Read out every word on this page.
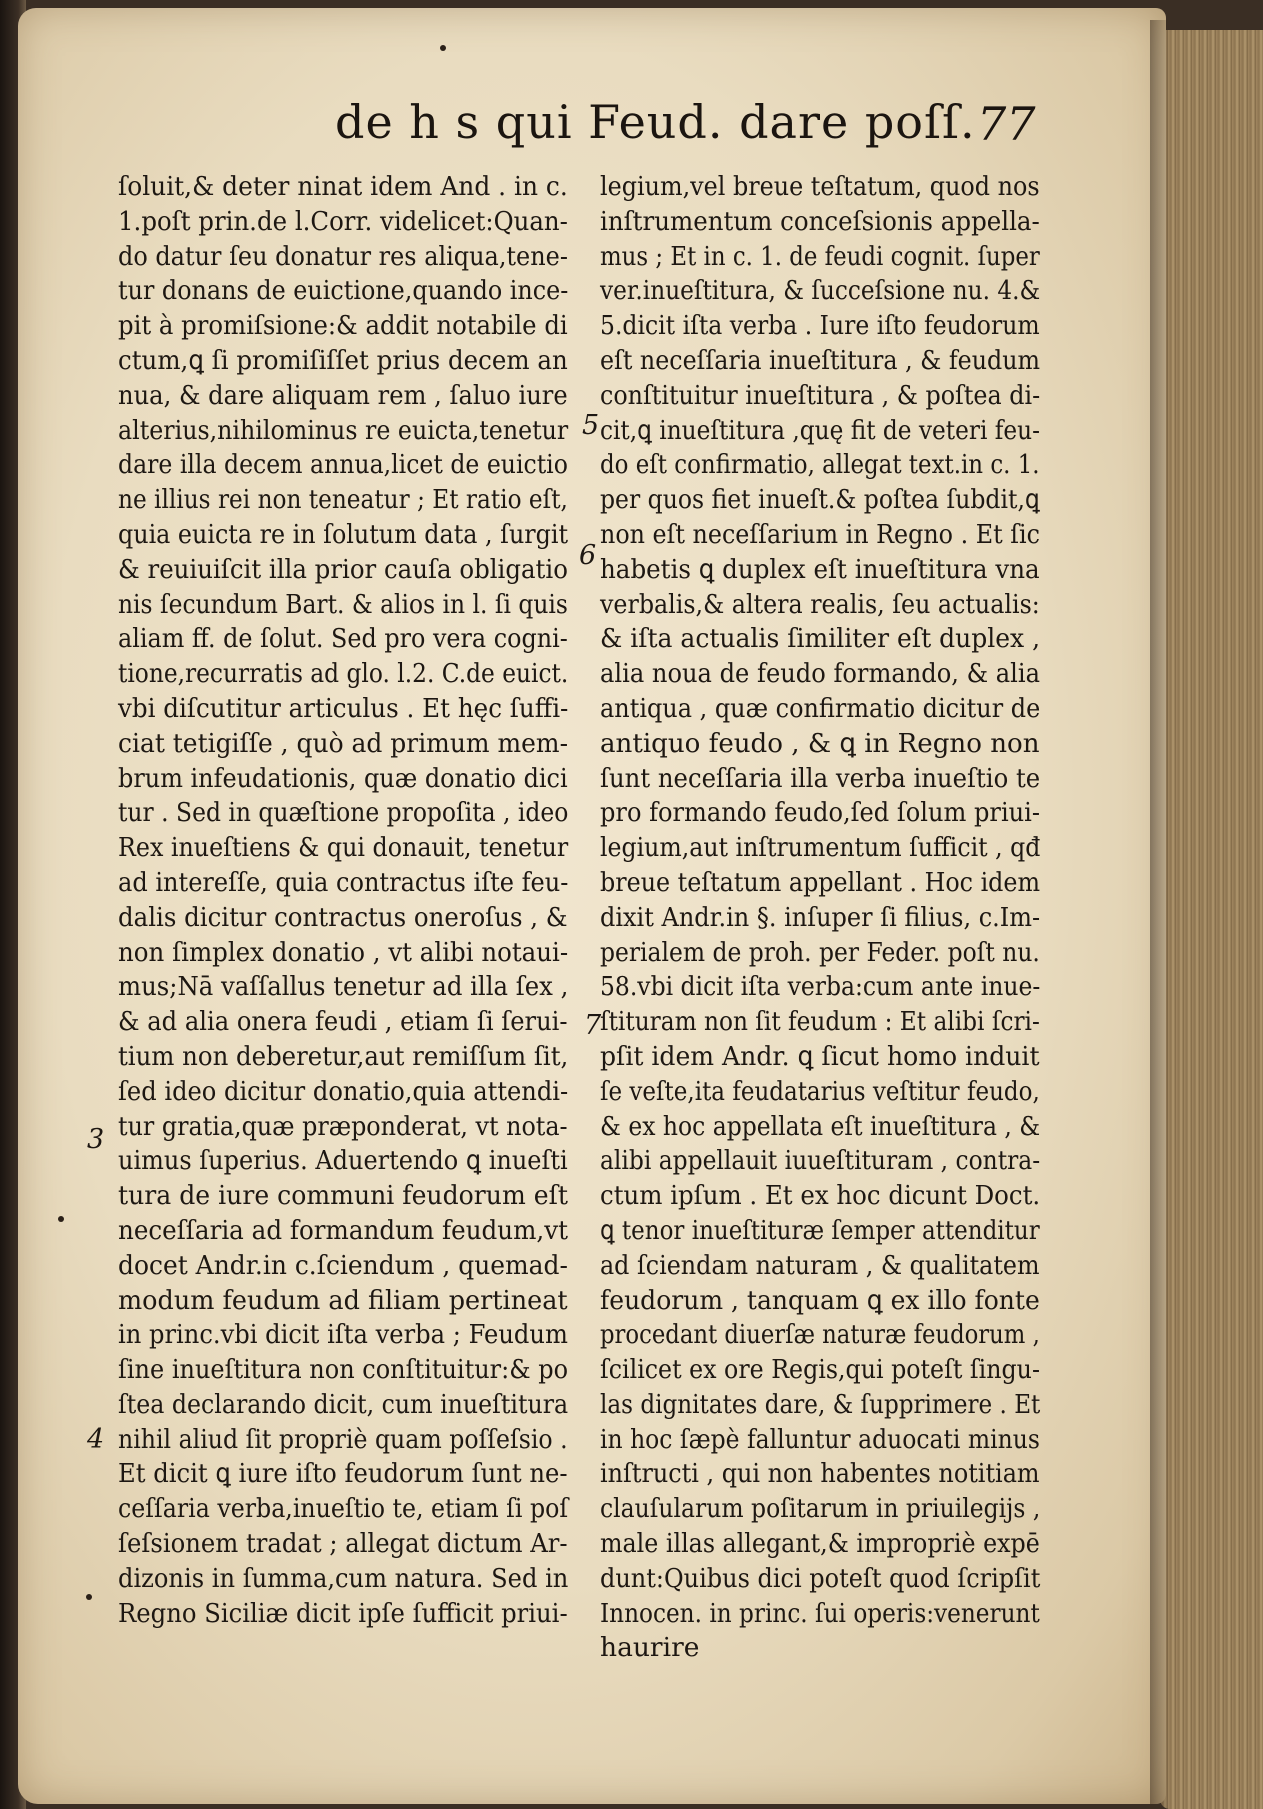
de h s qui Feud. dare poſſ. 77
ſoluit,& deter ninat idem And . in c.
1.poſt prin.de l.Corr. videlicet:Quan-
do datur ſeu donatur res aliqua,tene-
tur donans de euictione,quando ince-
pit à promiſsione:& addit notabile di
ctum,ꝗ ſi promiſiſſet prius decem an
nua, & dare aliquam rem , ſaluo iure
alterius,nihilominus re euicta,tenetur
dare illa decem annua,licet de euictio
ne illius rei non teneatur ; Et ratio eſt,
quia euicta re in ſolutum data , ſurgit
& reuiuiſcit illa prior cauſa obligatio
nis ſecundum Bart. & alios in l. ſi quis
aliam ff. de ſolut. Sed pro vera cogni-
tione,recurratis ad glo. l.2. C.de euict.
vbi diſcutitur articulus . Et hęc ſuffi-
ciat tetigiſſe , quò ad primum mem-
brum infeudationis, quæ donatio dici
tur . Sed in quæſtione propoſita , ideo
Rex inueſtiens & qui donauit, tenetur
ad intereſſe, quia contractus iſte feu-
dalis dicitur contractus oneroſus , &
non ſimplex donatio , vt alibi notaui-
mus;Nā vaſſallus tenetur ad illa ſex ,
& ad alia onera feudi , etiam ſi ſerui-
tium non deberetur,aut remiſſum ſit,
ſed ideo dicitur donatio,quia attendi-
tur gratia,quæ præponderat, vt nota-
uimus ſuperius. Aduertendo ꝗ inueſti
tura de iure communi feudorum eſt
neceſſaria ad formandum feudum,vt
docet Andr.in c.ſciendum , quemad-
modum feudum ad filiam pertineat
in princ.vbi dicit iſta verba ; Feudum
ſine inueſtitura non conſtituitur:& po
ſtea declarando dicit, cum inueſtitura
nihil aliud ſit propriè quam poſſeſsio .
Et dicit ꝗ iure iſto feudorum ſunt ne-
ceſſaria verba,inueſtio te, etiam ſi poſ
ſeſsionem tradat ; allegat dictum Ar-
dizonis in ſumma,cum natura. Sed in
Regno Siciliæ dicit ipſe ſufficit priui-
legium,vel breue teſtatum, quod nos
inſtrumentum conceſsionis appella-
mus ; Et in c. 1. de feudi cognit. ſuper
ver.inueſtitura, & ſucceſsione nu. 4.&
5.dicit iſta verba . Iure iſto feudorum
eſt neceſſaria inueſtitura , & feudum
conſtituitur inueſtitura , & poſtea di-
cit,ꝗ inueſtitura ,quę fit de veteri feu-
do eſt confirmatio, allegat text.in c. 1.
per quos fiet inueſt.& poſtea ſubdit,ꝗ
non eſt neceſſarium in Regno . Et ſic
habetis ꝗ duplex eſt inueſtitura vna
verbalis,& altera realis, ſeu actualis:
& iſta actualis ſimiliter eſt duplex ,
alia noua de feudo formando, & alia
antiqua , quæ confirmatio dicitur de
antiquo feudo , & ꝗ in Regno non
ſunt neceſſaria illa verba inueſtio te
pro formando feudo,ſed ſolum priui-
legium,aut inſtrumentum ſufficit , qđ
breue teſtatum appellant . Hoc idem
dixit Andr.in §. inſuper ſi filius, c.Im-
perialem de proh. per Feder. poſt nu.
58.vbi dicit iſta verba:cum ante inue-
ſtituram non ſit feudum : Et alibi ſcri-
pſit idem Andr. ꝗ ſicut homo induit
ſe veſte,ita feudatarius veſtitur feudo,
& ex hoc appellata eſt inueſtitura , &
alibi appellauit iuueſtituram , contra-
ctum ipſum . Et ex hoc dicunt Doct.
ꝗ tenor inueſtituræ ſemper attenditur
ad ſciendam naturam , & qualitatem
feudorum , tanquam ꝗ ex illo fonte
procedant diuerſæ naturæ feudorum ,
ſcilicet ex ore Regis,qui poteſt ſingu-
las dignitates dare, & ſupprimere . Et
in hoc ſæpè falluntur aduocati minus
inſtructi , qui non habentes notitiam
clauſularum poſitarum in priuilegijs ,
male illas allegant,& impropriè expē
dunt:Quibus dici poteſt quod ſcripſit
Innocen. in princ. ſui operis:venerunt
haurire
3
4
5
6
7
